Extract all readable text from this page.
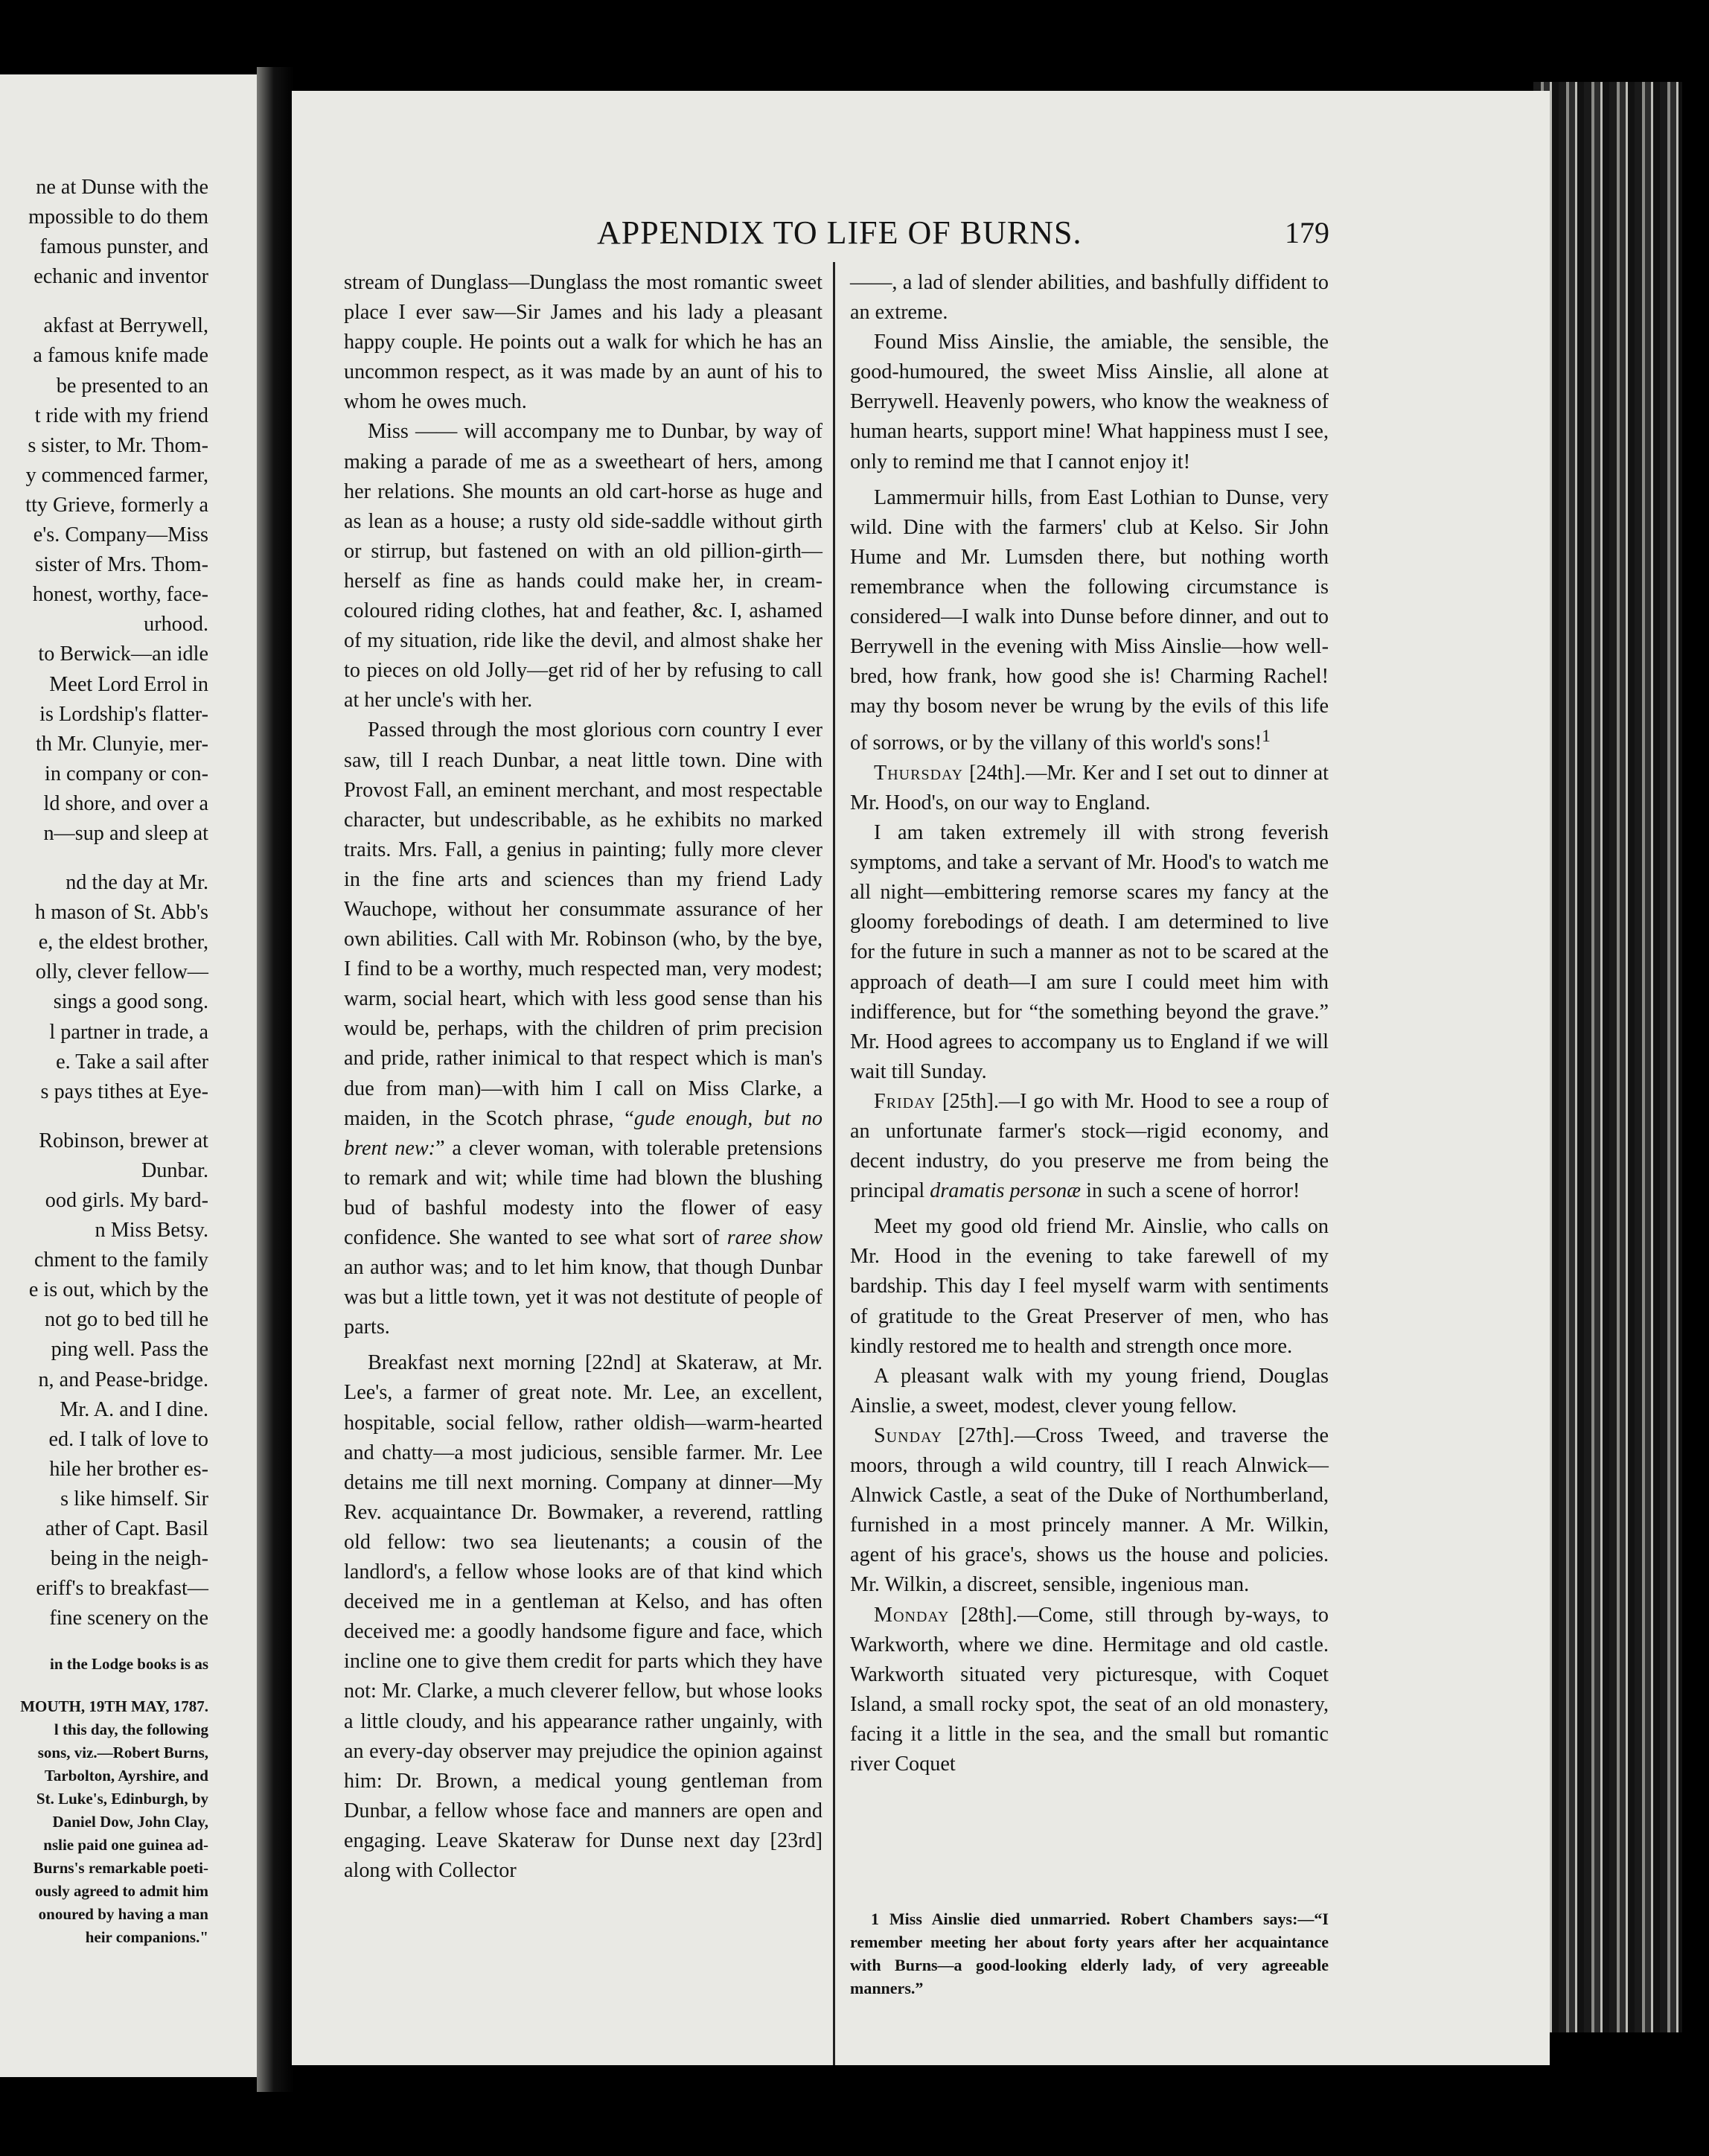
ne at Dunse with the
mpossible to do them
famous punster, and
echanic and inventor
akfast at Berrywell,
a famous knife made
be presented to an
t ride with my friend
s sister, to Mr. Thom-
y commenced farmer,
tty Grieve, formerly a
e's. Company—Miss
sister of Mrs. Thom-
honest, worthy, face-
urhood.
to Berwick—an idle
Meet Lord Errol in
is Lordship's flatter-
th Mr. Clunyie, mer-
in company or con-
ld shore, and over a
n—sup and sleep at
nd the day at Mr.
h mason of St. Abb's
e, the eldest brother,
olly, clever fellow—
sings a good song.
l partner in trade, a
e. Take a sail after
s pays tithes at Eye-
Robinson, brewer at
Dunbar.
ood girls. My bard-
n Miss Betsy.
chment to the family
e is out, which by the
not go to bed till he
ping well. Pass the
n, and Pease-bridge.
Mr. A. and I dine.
ed. I talk of love to
hile her brother es-
s like himself. Sir
ather of Capt. Basil
being in the neigh-
eriff's to breakfast—
fine scenery on the
in the Lodge books is as
MOUTH, 19TH MAY, 1787.
l this day, the following
sons, viz.—Robert Burns,
Tarbolton, Ayrshire, and
St. Luke's, Edinburgh, by
Daniel Dow, John Clay,
nslie paid one guinea ad-
Burns's remarkable poeti-
ously agreed to admit him
onoured by having a man
heir companions."
APPENDIX TO LIFE OF BURNS.	179

stream of Dunglass—Dunglass the most romantic sweet place I ever saw—Sir James and his lady a pleasant happy couple. He points out a walk for which he has an uncommon respect, as it was made by an aunt of his to whom he owes much.

Miss —— will accompany me to Dunbar, by way of making a parade of me as a sweetheart of hers, among her relations. She mounts an old cart-horse as huge and as lean as a house; a rusty old side-saddle without girth or stirrup, but fastened on with an old pillion-girth—herself as fine as hands could make her, in cream-coloured riding clothes, hat and feather, &c. I, ashamed of my situation, ride like the devil, and almost shake her to pieces on old Jolly—get rid of her by refusing to call at her uncle's with her.

Passed through the most glorious corn country I ever saw, till I reach Dunbar, a neat little town. Dine with Provost Fall, an eminent merchant, and most respectable character, but undescribable, as he exhibits no marked traits. Mrs. Fall, a genius in painting; fully more clever in the fine arts and sciences than my friend Lady Wauchope, without her consummate assurance of her own abilities. Call with Mr. Robinson (who, by the bye, I find to be a worthy, much respected man, very modest; warm, social heart, which with less good sense than his would be, perhaps, with the children of prim precision and pride, rather inimical to that respect which is man's due from man)—with him I call on Miss Clarke, a maiden, in the Scotch phrase, “gude enough, but no brent new:” a clever woman, with tolerable pretensions to remark and wit; while time had blown the blushing bud of bashful modesty into the flower of easy confidence. She wanted to see what sort of raree show an author was; and to let him know, that though Dunbar was but a little town, yet it was not destitute of people of parts.

Breakfast next morning [22nd] at Skateraw, at Mr. Lee's, a farmer of great note. Mr. Lee, an excellent, hospitable, social fellow, rather oldish—warm-hearted and chatty—a most judicious, sensible farmer. Mr. Lee detains me till next morning. Company at dinner—My Rev. acquaintance Dr. Bowmaker, a reverend, rattling old fellow: two sea lieutenants; a cousin of the landlord's, a fellow whose looks are of that kind which deceived me in a gentleman at Kelso, and has often deceived me: a goodly handsome figure and face, which incline one to give them credit for parts which they have not: Mr. Clarke, a much cleverer fellow, but whose looks a little cloudy, and his appearance rather ungainly, with an every-day observer may prejudice the opinion against him: Dr. Brown, a medical young gentleman from Dunbar, a fellow whose face and manners are open and engaging. Leave Skateraw for Dunse next day [23rd] along with Collector

——, a lad of slender abilities, and bashfully diffident to an extreme.

Found Miss Ainslie, the amiable, the sensible, the good-humoured, the sweet Miss Ainslie, all alone at Berrywell. Heavenly powers, who know the weakness of human hearts, support mine! What happiness must I see, only to remind me that I cannot enjoy it!

Lammermuir hills, from East Lothian to Dunse, very wild. Dine with the farmers' club at Kelso. Sir John Hume and Mr. Lumsden there, but nothing worth remembrance when the following circumstance is considered—I walk into Dunse before dinner, and out to Berrywell in the evening with Miss Ainslie—how well-bred, how frank, how good she is! Charming Rachel! may thy bosom never be wrung by the evils of this life of sorrows, or by the villany of this world's sons!$^1$

Thursday [24th].—Mr. Ker and I set out to dinner at Mr. Hood's, on our way to England.

I am taken extremely ill with strong feverish symptoms, and take a servant of Mr. Hood's to watch me all night—embittering remorse scares my fancy at the gloomy forebodings of death. I am determined to live for the future in such a manner as not to be scared at the approach of death—I am sure I could meet him with indifference, but for “the something beyond the grave.” Mr. Hood agrees to accompany us to England if we will wait till Sunday.

Friday [25th].—I go with Mr. Hood to see a roup of an unfortunate farmer's stock—rigid economy, and decent industry, do you preserve me from being the principal dramatis personæ in such a scene of horror!

Meet my good old friend Mr. Ainslie, who calls on Mr. Hood in the evening to take farewell of my bardship. This day I feel myself warm with sentiments of gratitude to the Great Preserver of men, who has kindly restored me to health and strength once more.

A pleasant walk with my young friend, Douglas Ainslie, a sweet, modest, clever young fellow.

Sunday [27th].—Cross Tweed, and traverse the moors, through a wild country, till I reach Alnwick—Alnwick Castle, a seat of the Duke of Northumberland, furnished in a most princely manner. A Mr. Wilkin, agent of his grace's, shows us the house and policies. Mr. Wilkin, a discreet, sensible, ingenious man.

Monday [28th].—Come, still through by-ways, to Warkworth, where we dine. Hermitage and old castle. Warkworth situated very picturesque, with Coquet Island, a small rocky spot, the seat of an old monastery, facing it a little in the sea, and the small but romantic river Coquet

1 Miss Ainslie died unmarried. Robert Chambers says:—“I remember meeting her about forty years after her acquaintance with Burns—a good-looking elderly lady, of very agreeable manners.”
